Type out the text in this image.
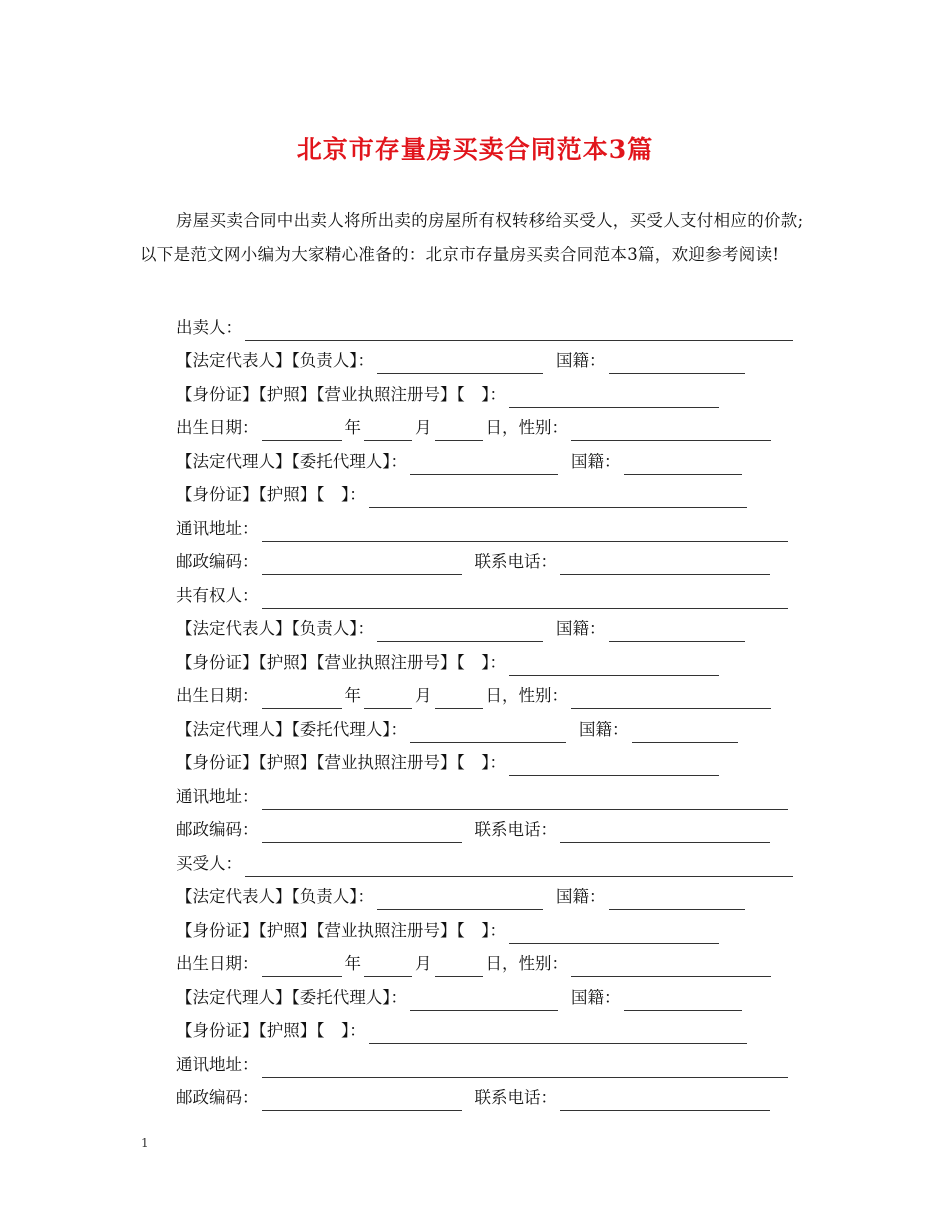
北京市存量房买卖合同范本3篇

房屋买卖合同中出卖人将所出卖的房屋所有权转移给买受人，买受人支付相应的价款;以下是范文网小编为大家精心准备的：北京市存量房买卖合同范本3篇，欢迎参考阅读!

出卖人：
【法定代表人】【负责人】：	国籍：
【身份证】【护照】【营业执照注册号】【　】：
出生日期：	年	月	日，性别：
【法定代理人】【委托代理人】：	国籍：
【身份证】【护照】【　】：
通讯地址：
邮政编码：	联系电话：
共有权人：
【法定代表人】【负责人】：	国籍：
【身份证】【护照】【营业执照注册号】【　】：
出生日期：	年	月	日，性别：
【法定代理人】【委托代理人】：	国籍：
【身份证】【护照】【营业执照注册号】【　】：
通讯地址：
邮政编码：	联系电话：
买受人：
【法定代表人】【负责人】：	国籍：
【身份证】【护照】【营业执照注册号】【　】：
出生日期：	年	月	日，性别：
【法定代理人】【委托代理人】：	国籍：
【身份证】【护照】【　】：
通讯地址：
邮政编码：	联系电话：
1
